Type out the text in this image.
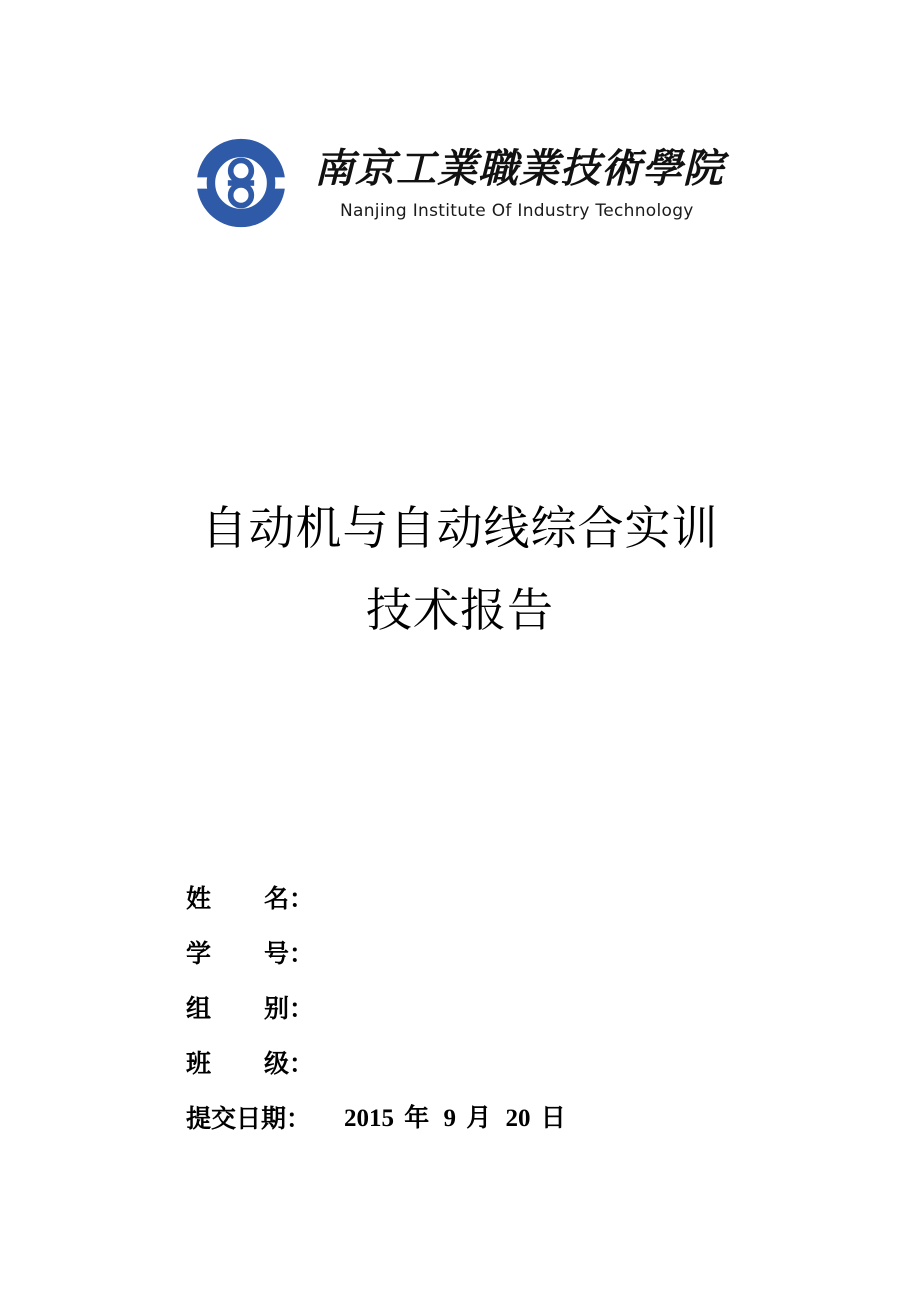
南京工業職業技術學院
Nanjing Institute Of Industry Technology
自动机与自动线综合实训
技术报告
姓 名：
学 号：
组 别：
班 级：
提交日期： 2015 年 9 月 20 日
